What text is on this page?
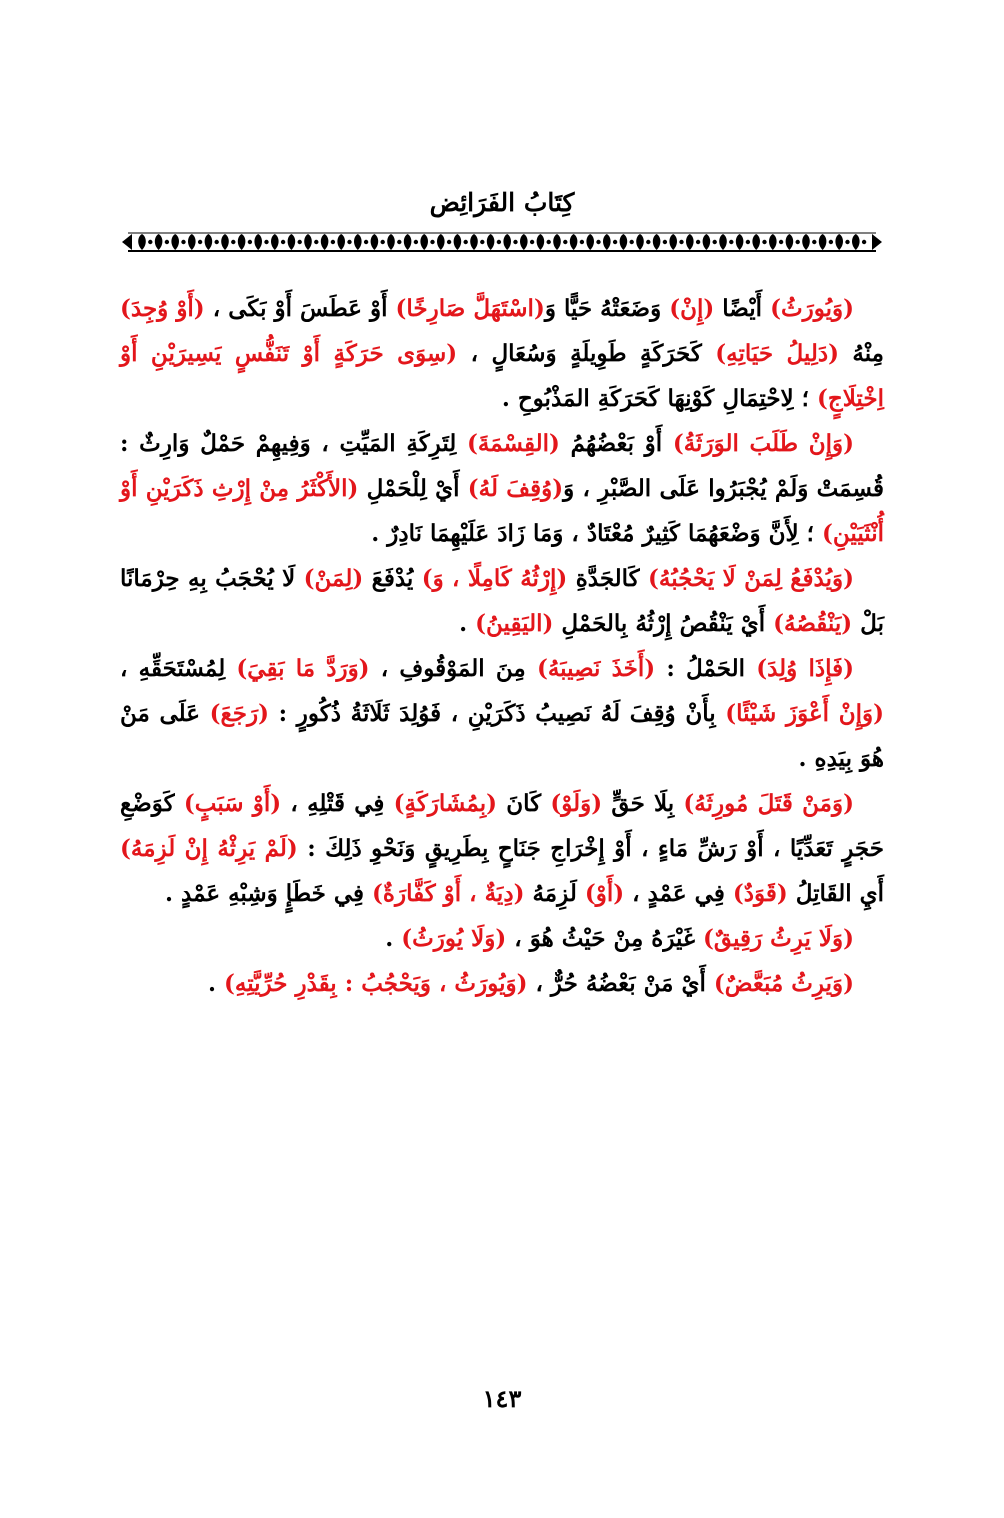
كِتَابُ الفَرَائِض

(وَيُورَثُ) أَيْضًا (إِنْ) وَضَعَتْهُ حَيًّا وَ(اسْتَهَلَّ صَارِخًا) أَوْ عَطَسَ أَوْ بَكَى ، (أَوْ وُجِدَ) مِنْهُ (دَلِيلُ حَيَاتِهِ) كَحَرَكَةٍ طَوِيلَةٍ وَسُعَالٍ ، (سِوَى حَرَكَةٍ أَوْ تَنَفُّسٍ يَسِيرَيْنِ أَوْ اِخْتِلَاجٍ) ؛ لِاحْتِمَالِ كَوْنِهَا كَحَرَكَةِ المَذْبُوحِ .

(وَإِنْ طَلَبَ الوَرَثَةُ) أَوْ بَعْضُهُمُ (القِسْمَةَ) لِتَرِكَةِ المَيِّتِ ، وَفِيهِمْ حَمْلٌ وَارِثٌ : قُسِمَتْ وَلَمْ يُجْبَرُوا عَلَى الصَّبْرِ ، وَ(وُقِفَ لَهُ) أَيْ لِلْحَمْلِ (الأَكْثَرُ مِنْ إِرْثِ ذَكَرَيْنِ أَوْ أُنْثَيَيْنِ) ؛ لِأَنَّ وَضْعَهُمَا كَثِيرٌ مُعْتَادٌ ، وَمَا زَادَ عَلَيْهِمَا نَادِرٌ .

(وَيُدْفَعُ لِمَنْ لَا يَحْجُبُهُ) كَالجَدَّةِ (إِرْثُهُ كَامِلًا ، وَ) يُدْفَعَ (لِمَنْ) لَا يُحْجَبُ بِهِ حِرْمَانًا بَلْ (يَنْقُصُهُ) أَيْ يَنْقُصُ إِرْثُهُ بِالحَمْلِ (اليَقِينُ) .

(فَإِذَا وُلِدَ) الحَمْلُ : (أَخَذَ نَصِيبَهُ) مِنَ المَوْقُوفِ ، (وَرَدَّ مَا بَقِيَ) لِمُسْتَحَقِّهِ ، (وَإِنْ أَعْوَزَ شَيْئًا) بِأَنْ وُقِفَ لَهُ نَصِيبُ ذَكَرَيْنِ ، فَوُلِدَ ثَلَاثَةُ ذُكُورٍ : (رَجَعَ) عَلَى مَنْ هُوَ بِيَدِهِ .

(وَمَنْ قَتَلَ مُورِثَهُ) بِلَا حَقٍّ (وَلَوْ) كَانَ (بِمُشَارَكَةٍ) فِي قَتْلِهِ ، (أَوْ سَبَبٍ) كَوَضْعِ حَجَرٍ تَعَدِّيًا ، أَوْ رَشِّ مَاءٍ ، أَوْ إِخْرَاجِ جَنَاحٍ بِطَرِيقٍ وَنَحْوِ ذَلِكَ : (لَمْ يَرِثْهُ إِنْ لَزِمَهُ) أَيِ القَاتِلُ (قَوَدٌ) فِي عَمْدٍ ، (أَوْ) لَزِمَهُ (دِيَةٌ ، أَوْ كَفَّارَةٌ) فِي خَطَإٍ وَشِبْهِ عَمْدٍ .

(وَلَا يَرِثُ رَقِيقٌ) غَيْرَهُ مِنْ حَيْثُ هُوَ ، (وَلَا يُورَثُ) .

(وَيَرِثُ مُبَعَّضٌ) أَيْ مَنْ بَعْضُهُ حُرٌّ ، (وَيُورَثُ ، وَيَحْجُبُ : بِقَدْرِ حُرِّيَّتِهِ) .

١٤٣
